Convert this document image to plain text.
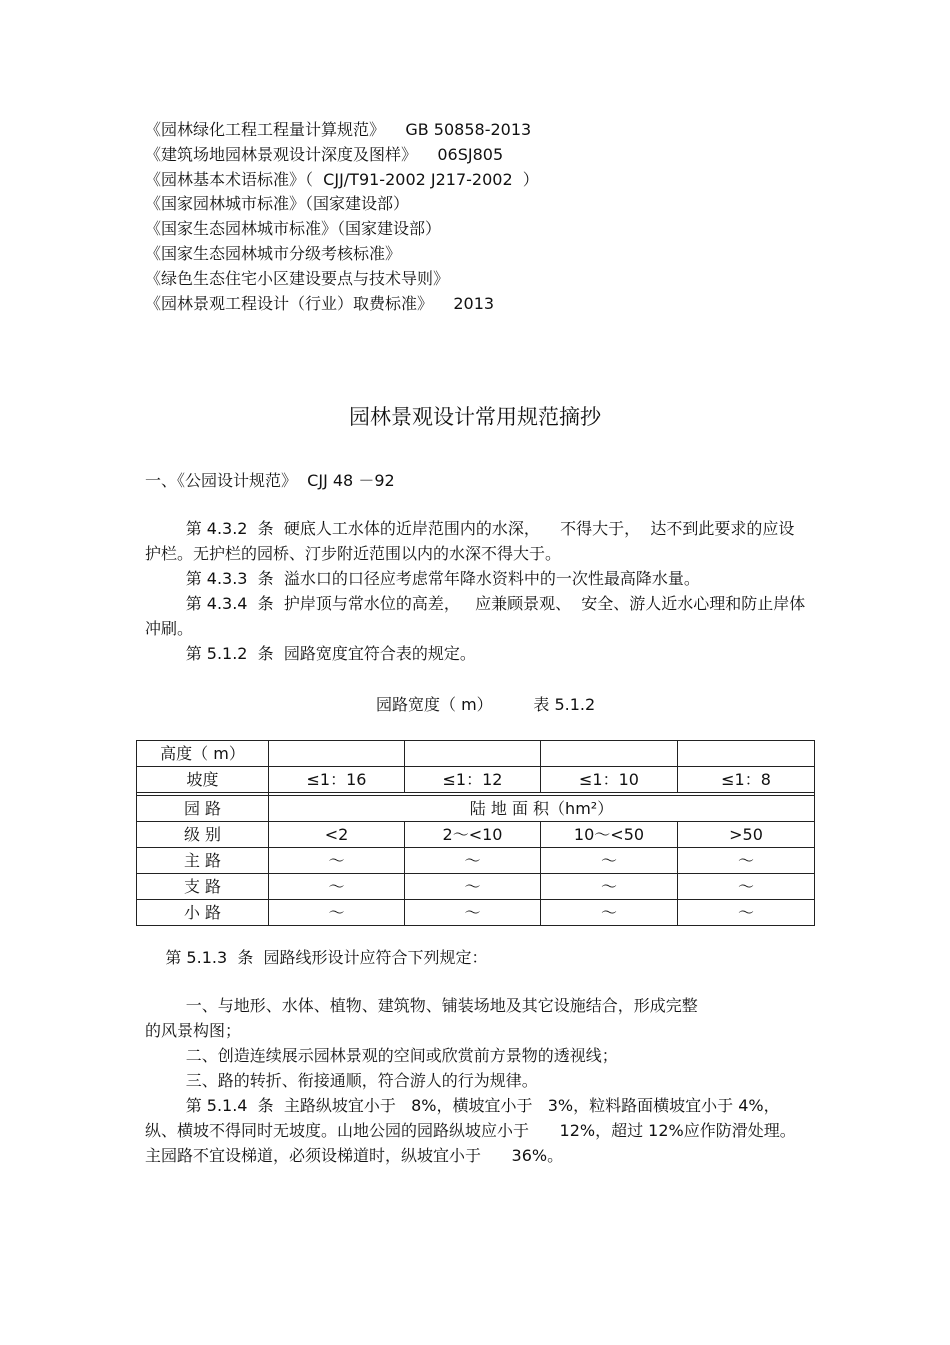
《园林绿化工程工程量计算规范》    GB 50858-2013
《建筑场地园林景观设计深度及图样》    06SJ805
《园林基本术语标准》（  CJJ/T91-2002 J217-2002  ）
《国家园林城市标准》（国家建设部）
《国家生态园林城市标准》（国家建设部）
《国家生态园林城市分级考核标准》
《绿色生态住宅小区建设要点与技术导则》
《园林景观工程设计（行业）取费标准》    2013
园林景观设计常用规范摘抄
一、《公园设计规范》  CJJ 48 －92
第 4.3.2  条  硬底人工水体的近岸范围内的水深，    不得大于，  达不到此要求的应设护栏。无护栏的园桥、汀步附近范围以内的水深不得大于。
第 4.3.3  条  溢水口的口径应考虑常年降水资料中的一次性最高降水量。
第 4.3.4  条  护岸顶与常水位的高差，   应兼顾景观、  安全、游人近水心理和防止岸体冲刷。
第 5.1.2  条  园路宽度宜符合表的规定。
园路宽度（ m）        表 5.1.2
高度（ m）				
坡度	≤1：16	≤1：12	≤1：10	≤1：8

园 路	陆 地 面 积（hm²）			
级 别	<2	2～<10	10～<50	>50
主 路	～	～	～	～
支 路	～	～	～	～
小 路	～	～	～	～
第 5.1.3  条  园路线形设计应符合下列规定：
一、与地形、水体、植物、建筑物、铺装场地及其它设施结合，形成完整
的风景构图；
二、创造连续展示园林景观的空间或欣赏前方景物的透视线；
三、路的转折、衔接通顺，符合游人的行为规律。
第 5.1.4  条  主路纵坡宜小于   8%，横坡宜小于   3%，粒料路面横坡宜小于 4%，纵、横坡不得同时无坡度。山地公园的园路纵坡应小于      12%，超过 12%应作防滑处理。主园路不宜设梯道，必须设梯道时，纵坡宜小于      36%。
